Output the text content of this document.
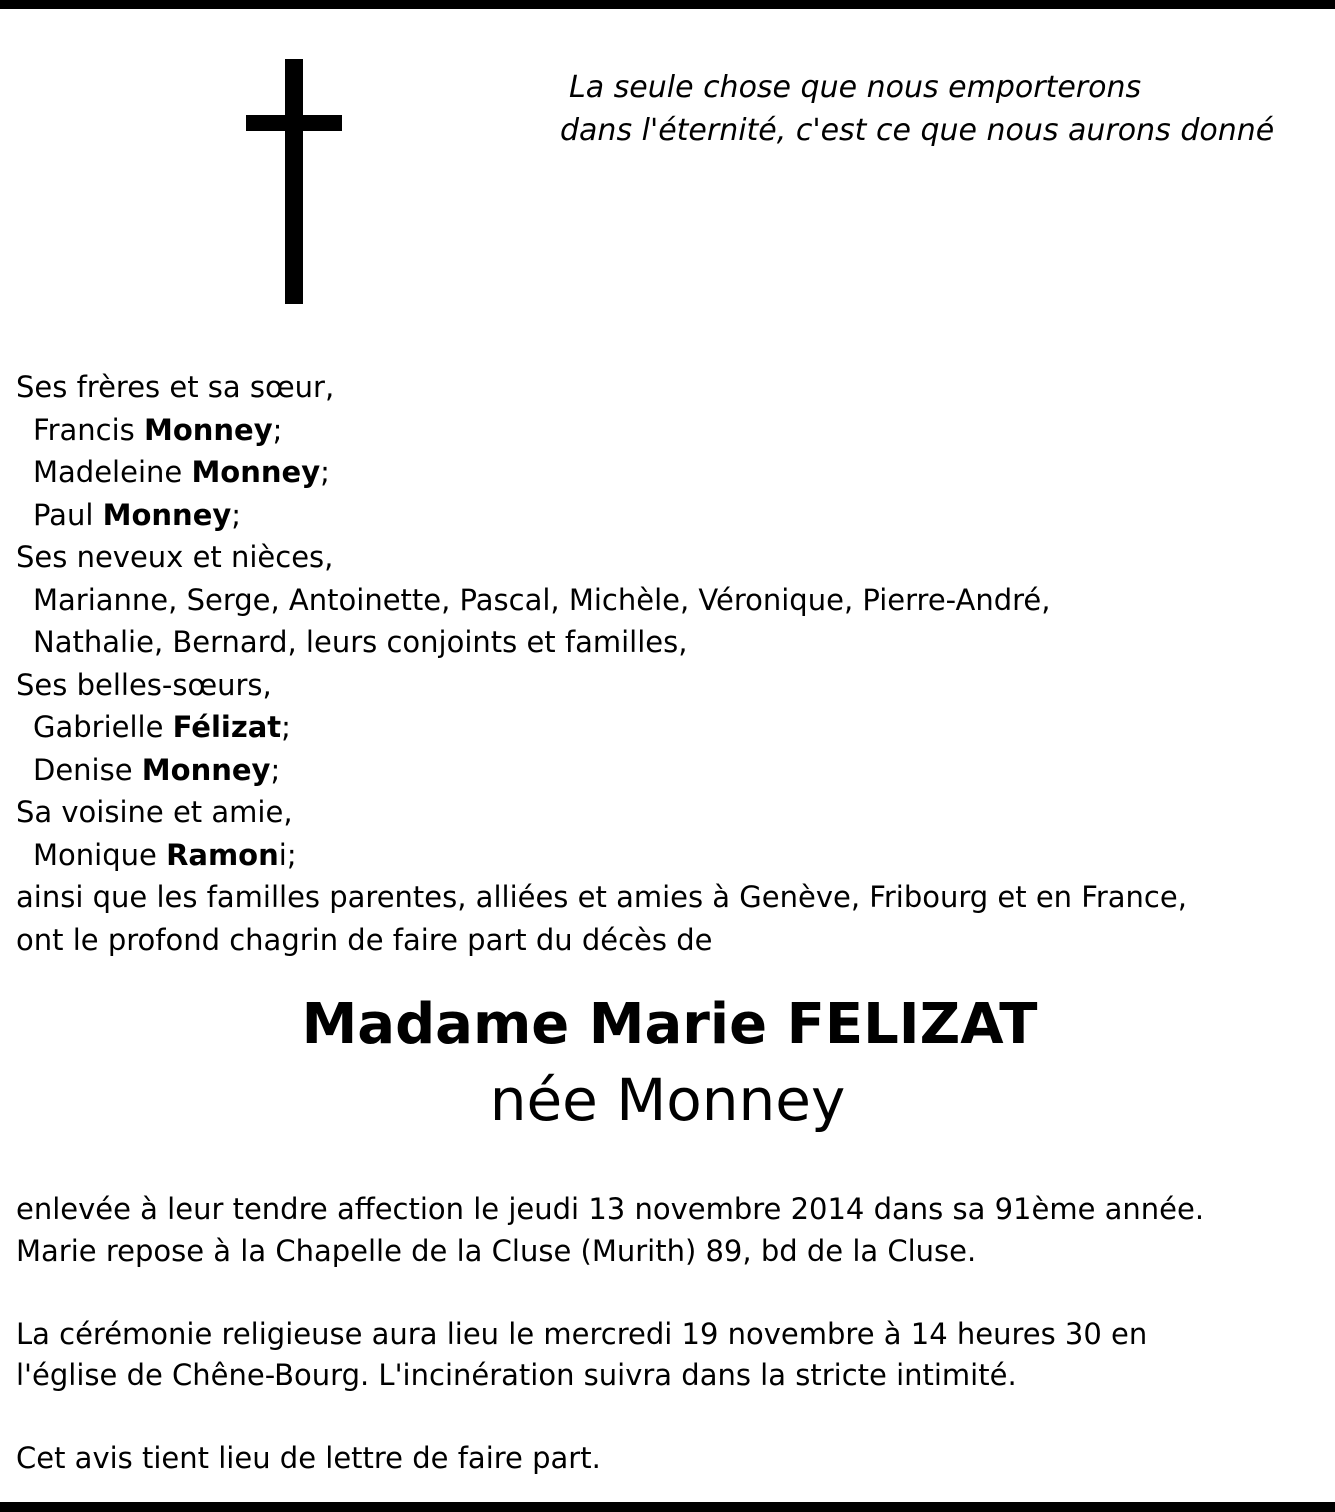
La seule chose que nous emporterons
dans l'éternité, c'est ce que nous aurons donné
Ses frères et sa sœur,
Francis Monney;
Madeleine Monney;
Paul Monney;
Ses neveux et nièces,
Marianne, Serge, Antoinette, Pascal, Michèle, Véronique, Pierre-André,
Nathalie, Bernard, leurs conjoints et familles,
Ses belles-sœurs,
Gabrielle Félizat;
Denise Monney;
Sa voisine et amie,
Monique Ramoni;
ainsi que les familles parentes, alliées et amies à Genève, Fribourg et en France,
ont le profond chagrin de faire part du décès de
Madame Marie FELIZAT
née Monney
enlevée à leur tendre affection le jeudi 13 novembre 2014 dans sa 91ème année.
Marie repose à la Chapelle de la Cluse (Murith) 89, bd de la Cluse.
La cérémonie religieuse aura lieu le mercredi 19 novembre à 14 heures 30 en
l'église de Chêne-Bourg. L'incinération suivra dans la stricte intimité.
Cet avis tient lieu de lettre de faire part.
